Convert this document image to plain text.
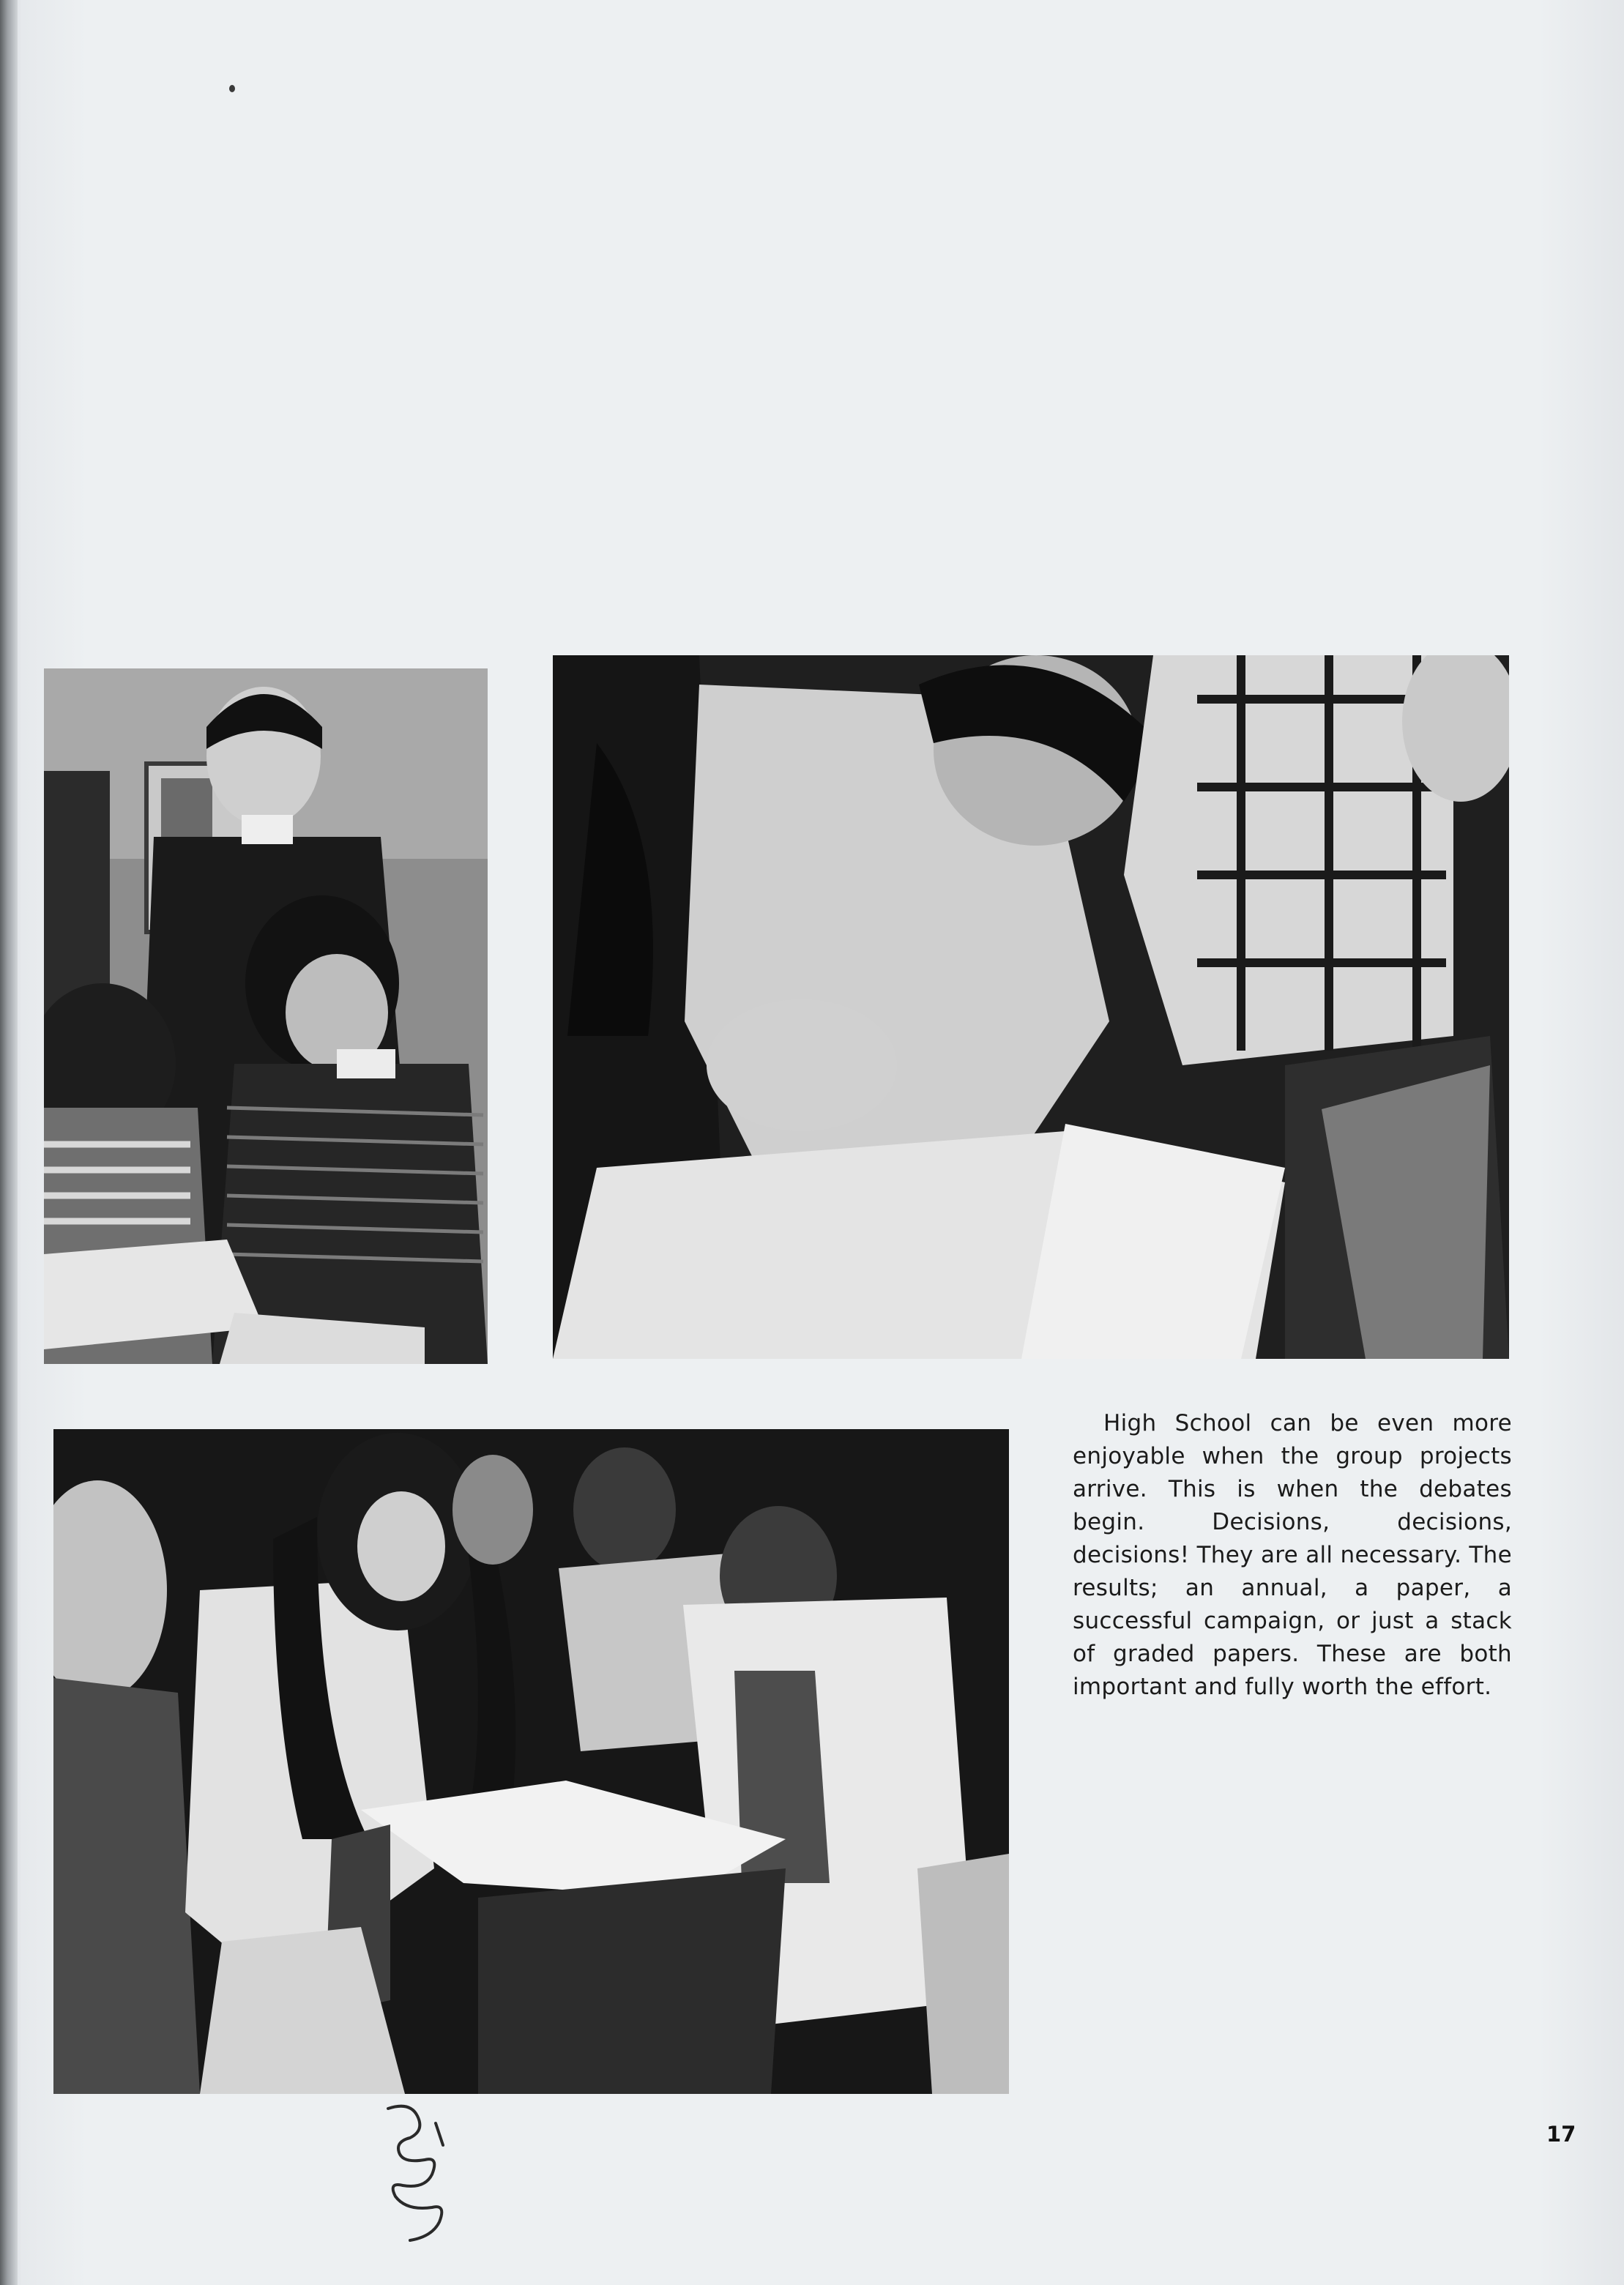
High School can be even more enjoyable when the group projects arrive. This is when the debates begin. Decisions, decisions, decisions! They are all necessary. The results; an annual, a paper, a successful campaign, or just a stack of graded papers. These are both important and fully worth the effort.
17
